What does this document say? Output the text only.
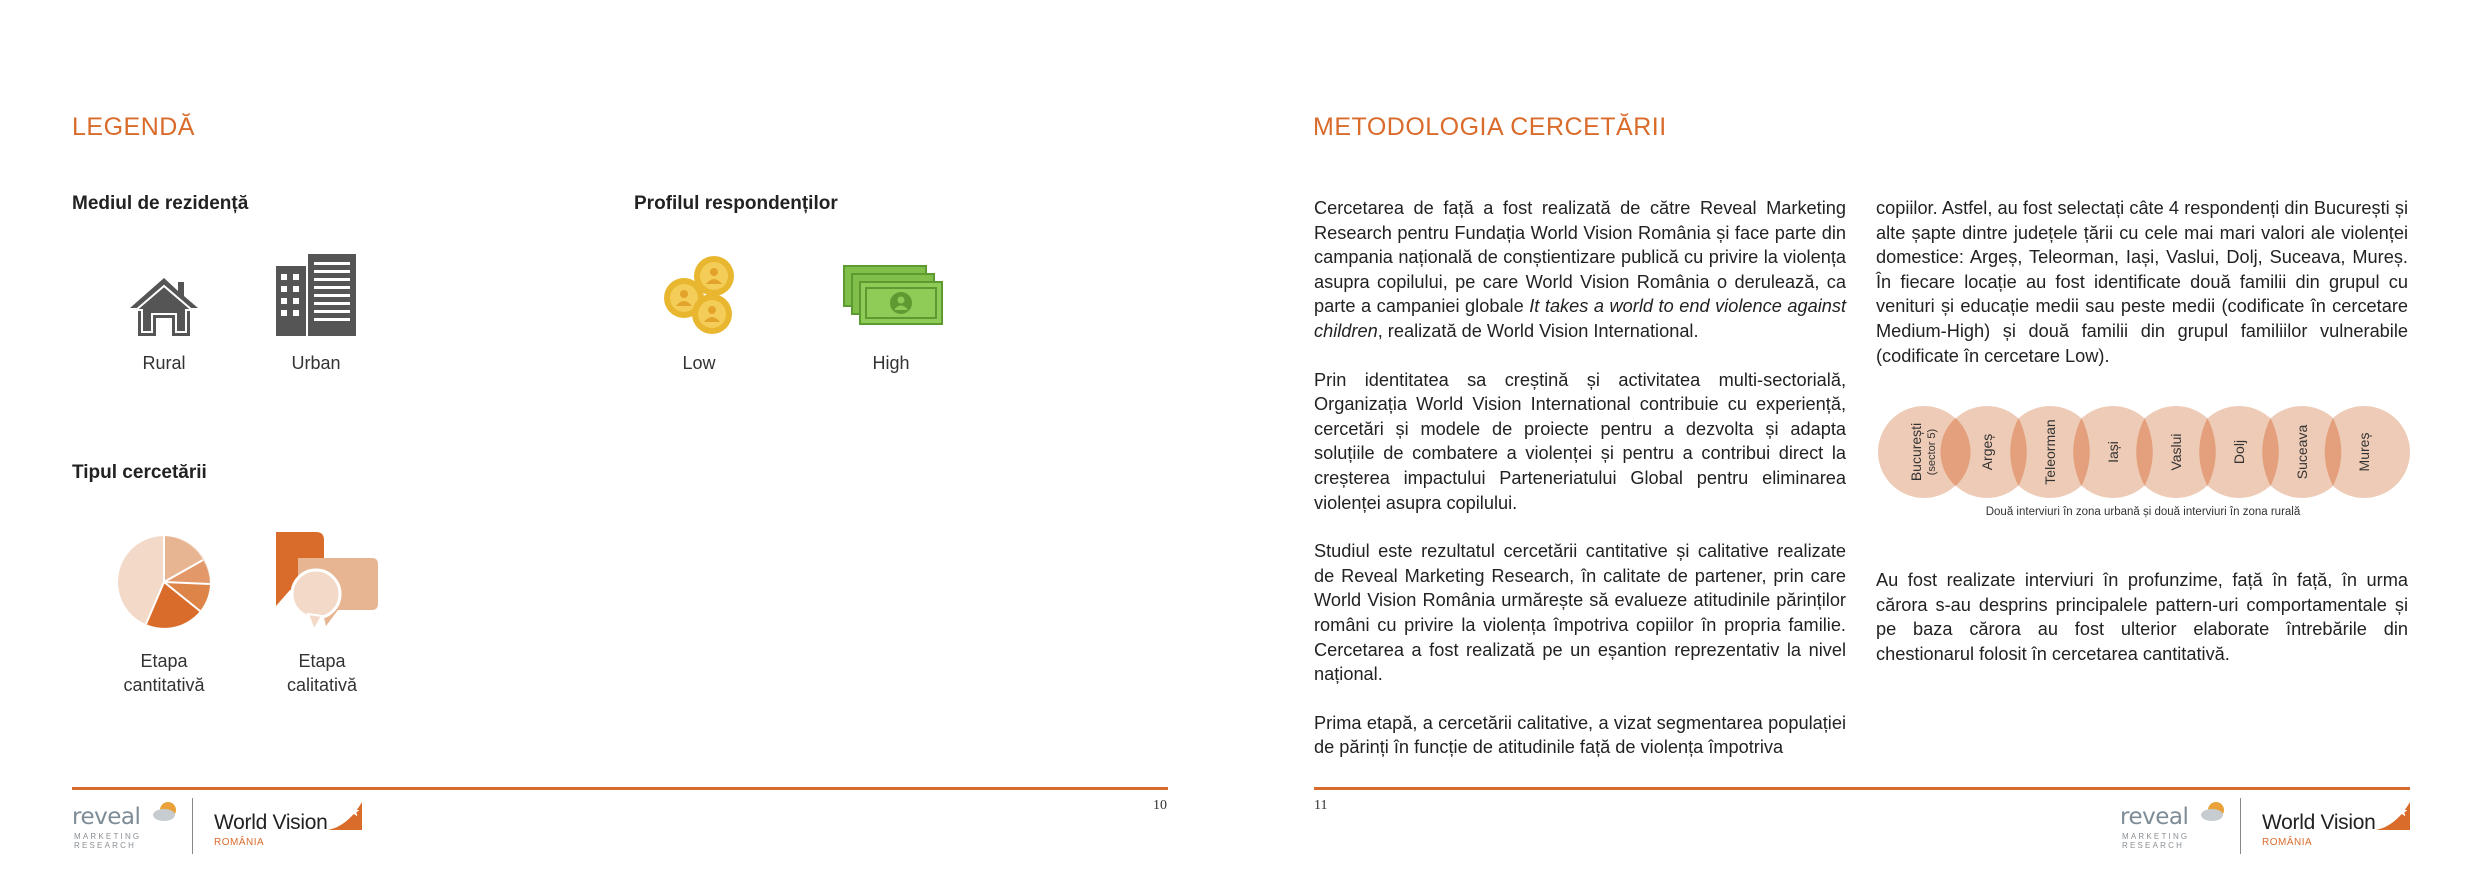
LEGENDĂ
Mediul de rezidență
Rural	Urban
Profilul respondenților
Low	High
Tipul cercetării
Etapa
cantitativă
Etapa
calitativă
10
reveal
MARKETING
RESEARCH
World Vision
ROMÂNIA
METODOLOGIA CERCETĂRII

Cercetarea de față a fost realizată de către Reveal Marketing Research pentru Fundația World Vision România și face parte din campania națională de conștientizare publică cu privire la violența asupra copilului, pe care World Vision România o derulează, ca parte a campaniei globale It takes a world to end violence against children, realizată de World Vision International.

Prin identitatea sa creștină și activitatea multi-sectorială, Organizația World Vision International contribuie cu experiență, cercetări și modele de proiecte pentru a dezvolta și adapta soluțiile de combatere a violenței și pentru a contribui direct la creșterea impactului Parteneriatului Global pentru eliminarea violenței asupra copilului.

Studiul este rezultatul cercetării cantitative și calitative realizate de Reveal Marketing Research, în calitate de partener, prin care World Vision România urmărește să evalueze atitudinile părinților români cu privire la violența împotriva copiilor în propria familie. Cercetarea a fost realizată pe un eșantion reprezentativ la nivel național.

Prima etapă, a cercetării calitative, a vizat segmentarea populației de părinți în funcție de atitudinile față de violența împotriva

copiilor. Astfel, au fost selectați câte 4 respondenți din București și alte șapte dintre județele țării cu cele mai mari valori ale violenței domestice: Argeș, Teleorman, Iași, Vaslui, Dolj, Suceava, Mureș. În fiecare locație au fost identificate două familii din grupul cu venituri și educație medii sau peste medii (codificate în cercetare Medium-High) și două familii din grupul familiilor vulnerabile (codificate în cercetare Low).

București (sector 5)	Argeș	Teleorman	Iași	Vaslui	Dolj	Suceava	Mureș
Două interviuri în zona urbană și două interviuri în zona rurală

Au fost realizate interviuri în profunzime, față în față, în urma cărora s-au desprins principalele pattern-uri comportamentale și pe baza cărora au fost ulterior elaborate întrebările din chestionarul folosit în cercetarea cantitativă.

11	reveal
MARKETING
RESEARCH
World Vision
ROMÂNIA
